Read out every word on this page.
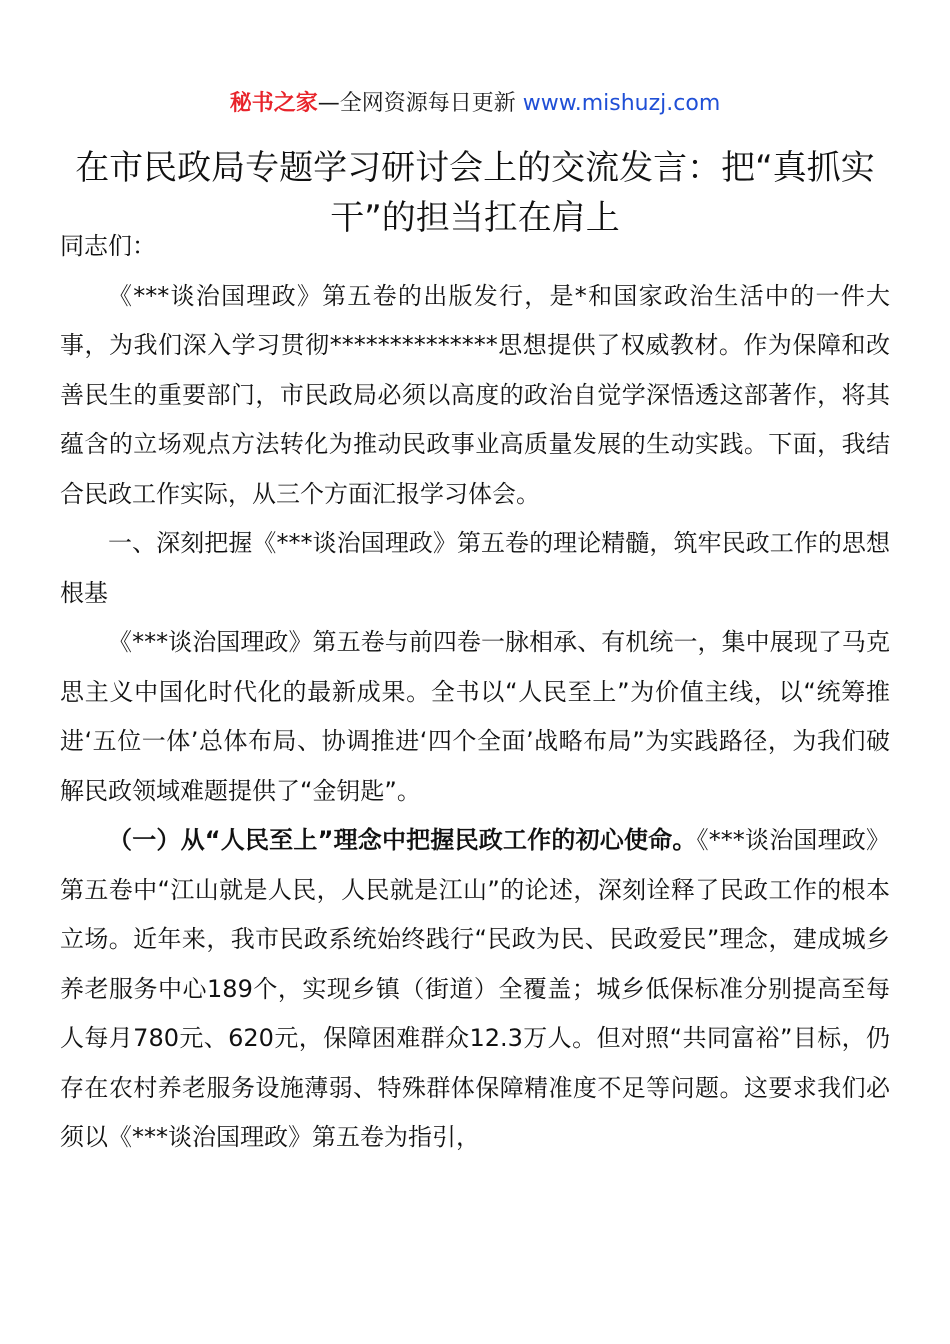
秘书之家—全网资源每日更新 www.mishuzj.com
在市民政局专题学习研讨会上的交流发言：把“真抓实干”的担当扛在肩上

同志们：

《***谈治国理政》第五卷的出版发行，是*和国家政治生活中的一件大事，为我们深入学习贯彻**************思想提供了权威教材。作为保障和改善民生的重要部门，市民政局必须以高度的政治自觉学深悟透这部著作，将其蕴含的立场观点方法转化为推动民政事业高质量发展的生动实践。下面，我结合民政工作实际，从三个方面汇报学习体会。

一、深刻把握《***谈治国理政》第五卷的理论精髓，筑牢民政工作的思想根基

《***谈治国理政》第五卷与前四卷一脉相承、有机统一，集中展现了马克思主义中国化时代化的最新成果。全书以“人民至上”为价值主线，以“统筹推进‘五位一体’总体布局、协调推进‘四个全面’战略布局”为实践路径，为我们破解民政领域难题提供了“金钥匙”。

（一）从“人民至上”理念中把握民政工作的初心使命。《***谈治国理政》第五卷中“江山就是人民，人民就是江山”的论述，深刻诠释了民政工作的根本立场。近年来，我市民政系统始终践行“民政为民、民政爱民”理念，建成城乡养老服务中心189个，实现乡镇（街道）全覆盖；城乡低保标准分别提高至每人每月780元、620元，保障困难群众12.3万人。但对照“共同富裕”目标，仍存在农村养老服务设施薄弱、特殊群体保障精准度不足等问题。这要求我们必须以《***谈治国理政》第五卷为指引，
